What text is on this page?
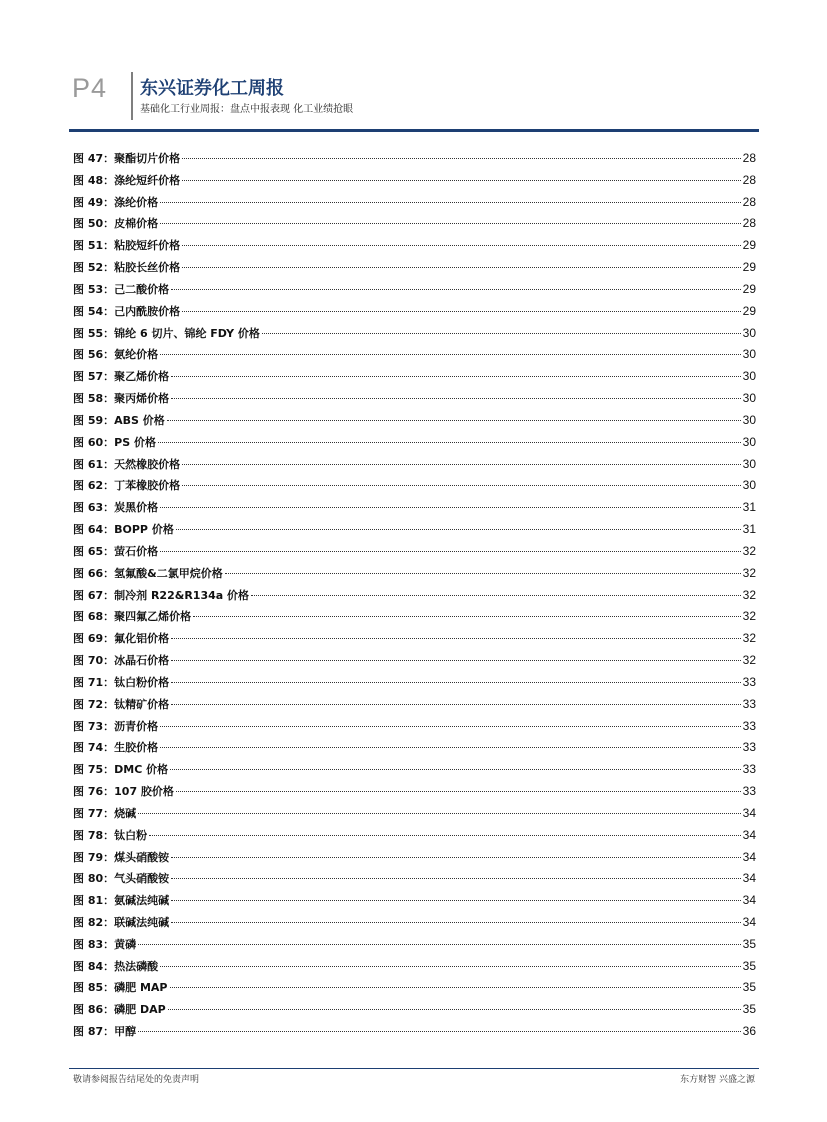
P4 东兴证券化工周报
基础化工行业周报：盘点中报表现 化工业绩抢眼
图 47：聚酯切片价格	28
图 48：涤纶短纤价格	28
图 49：涤纶价格	28
图 50：皮棉价格	28
图 51：粘胶短纤价格	29
图 52：粘胶长丝价格	29
图 53：己二酸价格	29
图 54：己内酰胺价格	29
图 55：锦纶 6 切片、锦纶 FDY 价格	30
图 56：氨纶价格	30
图 57：聚乙烯价格	30
图 58：聚丙烯价格	30
图 59：ABS 价格	30
图 60：PS 价格	30
图 61：天然橡胶价格	30
图 62：丁苯橡胶价格	30
图 63：炭黑价格	31
图 64：BOPP 价格	31
图 65：萤石价格	32
图 66：氢氟酸&二氯甲烷价格	32
图 67：制冷剂 R22&R134a 价格	32
图 68：聚四氟乙烯价格	32
图 69：氟化铝价格	32
图 70：冰晶石价格	32
图 71：钛白粉价格	33
图 72：钛精矿价格	33
图 73：沥青价格	33
图 74：生胶价格	33
图 75：DMC 价格	33
图 76：107 胶价格	33
图 77：烧碱	34
图 78：钛白粉	34
图 79：煤头硝酸铵	34
图 80：气头硝酸铵	34
图 81：氨碱法纯碱	34
图 82：联碱法纯碱	34
图 83：黄磷	35
图 84：热法磷酸	35
图 85：磷肥 MAP	35
图 86：磷肥 DAP	35
图 87：甲醇	36
敬请参阅报告结尾处的免责声明	东方财智 兴盛之源
